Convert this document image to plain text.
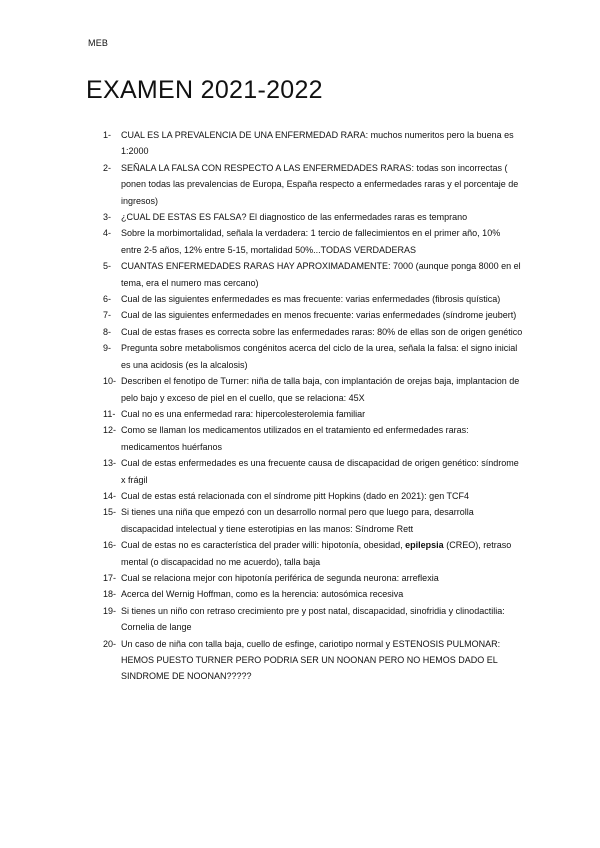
MEB
EXAMEN 2021-2022
1-	CUAL ES LA PREVALENCIA DE UNA ENFERMEDAD RARA: muchos numeritos pero la buena es 1:2000
2-	SEÑALA LA FALSA CON RESPECTO A LAS ENFERMEDADES RARAS: todas son incorrectas ( ponen todas las prevalencias de Europa, España respecto a enfermedades raras y el porcentaje de ingresos)
3-	¿CUAL DE ESTAS ES FALSA? El diagnostico de las enfermedades raras es temprano
4-	Sobre la morbimortalidad, señala la verdadera: 1 tercio de fallecimientos en el primer año, 10% entre 2-5 años, 12% entre 5-15, mortalidad 50%...TODAS VERDADERAS
5-	CUANTAS ENFERMEDADES RARAS HAY APROXIMADAMENTE: 7000 (aunque ponga 8000 en el tema, era el numero mas cercano)
6-	Cual de las siguientes enfermedades es mas frecuente: varias enfermedades (fibrosis quística)
7-	Cual de las siguientes enfermedades en menos frecuente: varias enfermedades (síndrome jeubert)
8-	Cual de estas frases es correcta sobre las enfermedades raras: 80% de ellas son de origen genético
9-	Pregunta sobre metabolismos congénitos acerca del ciclo de la urea, señala la falsa: el signo inicial es una acidosis (es la alcalosis)
10- Describen el fenotipo de Turner: niña de talla baja, con implantación de orejas baja, implantacion de pelo bajo y exceso de piel en el cuello, que se relaciona: 45X
11- Cual no es una enfermedad rara: hipercolesterolemia familiar
12- Como se llaman los medicamentos utilizados en el tratamiento ed enfermedades raras: medicamentos huérfanos
13- Cual de estas enfermedades es una frecuente causa de discapacidad de origen genético: síndrome x frágil
14- Cual de estas está relacionada con el síndrome pitt Hopkins (dado en 2021): gen TCF4
15- Si tienes una niña que empezó con un desarrollo normal pero que luego para, desarrolla discapacidad intelectual y tiene esterotipias en las manos: Síndrome Rett
16- Cual de estas no es característica del prader willi: hipotonía, obesidad, epilepsia (CREO), retraso mental (o discapacidad no me acuerdo), talla baja
17- Cual se relaciona mejor con hipotonía periférica de segunda neurona: arreflexia
18- Acerca del Wernig Hoffman, como es la herencia: autosómica recesiva
19- Si tienes un niño con retraso crecimiento pre y post natal, discapacidad, sinofridia y clinodactilia: Cornelia de lange
20- Un caso de niña con talla baja, cuello de esfinge, cariotipo normal y ESTENOSIS PULMONAR: HEMOS PUESTO TURNER PERO PODRIA SER UN NOONAN PERO NO HEMOS DADO EL SINDROME DE NOONAN?????
